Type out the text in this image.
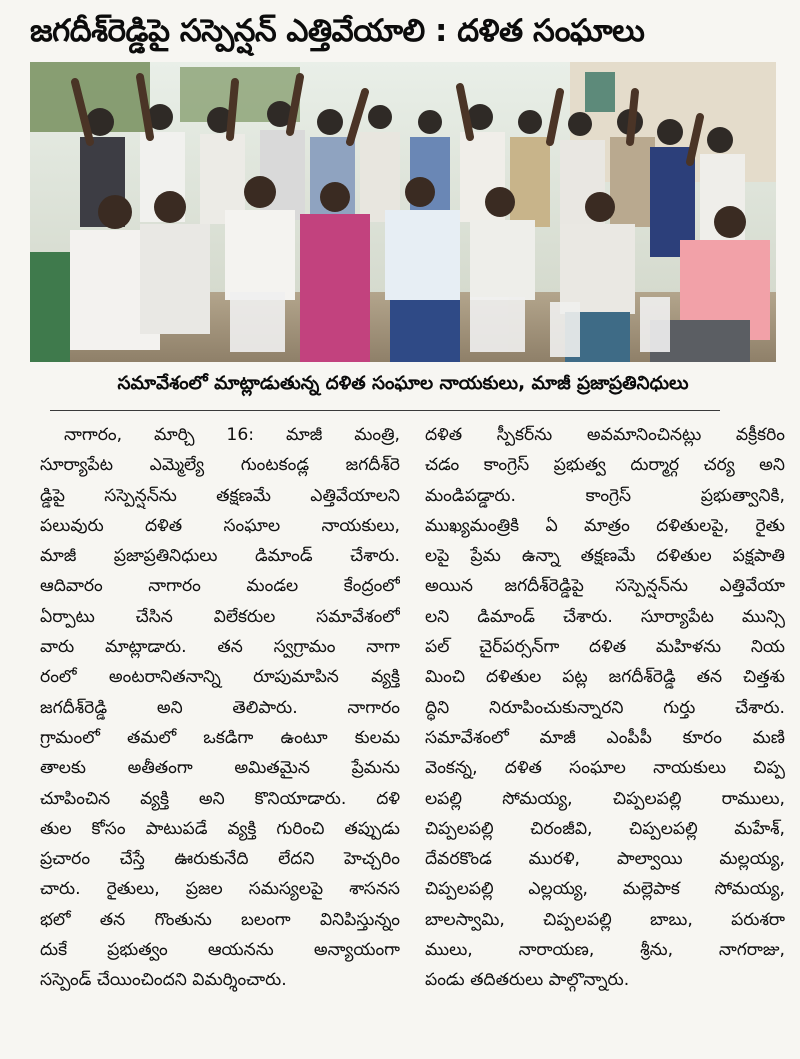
జగదీశ్‌రెడ్డిపై సస్పెన్షన్ ఎత్తివేయాలి : దళిత సంఘాలు
సమావేశంలో మాట్లాడుతున్న దళిత సంఘాల నాయకులు, మాజీ ప్రజాప్రతినిధులు
నాగారం, మార్చి 16: మాజీ మంత్రి,
సూర్యాపేట ఎమ్మెల్యే గుంటకండ్ల జగదీశ్‌రె
డ్డిపై సస్పెన్షన్‌ను తక్షణమే ఎత్తివేయాలని
పలువురు దళిత సంఘాల నాయకులు,
మాజీ ప్రజాప్రతినిధులు డిమాండ్ చేశారు.
ఆదివారం నాగారం మండల కేంద్రంలో
ఏర్పాటు చేసిన విలేకరుల సమావేశంలో
వారు మాట్లాడారు. తన స్వగ్రామం నాగా
రంలో అంటరానితనాన్ని రూపుమాపిన వ్యక్తి
జగదీశ్‌రెడ్డి అని తెలిపారు. నాగారం
గ్రామంలో తమలో ఒకడిగా ఉంటూ కులమ
తాలకు అతీతంగా అమితమైన ప్రేమను
చూపించిన వ్యక్తి అని కొనియాడారు. దళి
తుల కోసం పాటుపడే వ్యక్తి గురించి తప్పుడు
ప్రచారం చేస్తే ఊరుకునేది లేదని హెచ్చరిం
చారు. రైతులు, ప్రజల సమస్యలపై శాసనస
భలో తన గొంతును బలంగా వినిపిస్తున్నం
దుకే ప్రభుత్వం ఆయనను అన్యాయంగా
సస్పెండ్ చేయించిందని విమర్శించారు.
దళిత స్పీకర్‌ను అవమానించినట్లు వక్రీకరిం
చడం కాంగ్రెస్ ప్రభుత్వ దుర్మార్గ చర్య అని
మండిపడ్డారు. కాంగ్రెస్ ప్రభుత్వానికి,
ముఖ్యమంత్రికి ఏ మాత్రం దళితులపై, రైతు
లపై ప్రేమ ఉన్నా తక్షణమే దళితుల పక్షపాతి
అయిన జగదీశ్‌రెడ్డిపై సస్పెన్షన్‌ను ఎత్తివేయా
లని డిమాండ్ చేశారు. సూర్యాపేట మున్సి
పల్ చైర్‌పర్సన్‌గా దళిత మహిళను నియ
మించి దళితుల పట్ల జగదీశ్‌రెడ్డి తన చిత్తశు
ద్ధిని నిరూపించుకున్నారని గుర్తు చేశారు.
సమావేశంలో మాజీ ఎంపీపీ కూరం మణి
వెంకన్న, దళిత సంఘాల నాయకులు చిప్ప
లపల్లి సోమయ్య, చిప్పలపల్లి రాములు,
చిప్పలపల్లి చిరంజీవి, చిప్పలపల్లి మహేశ్,
దేవరకొండ మురళి, పాల్వాయి మల్లయ్య,
చిప్పలపల్లి ఎల్లయ్య, మల్లెపాక సోమయ్య,
బాలస్వామి, చిప్పలపల్లి బాబు, పరుశరా
ములు, నారాయణ, శ్రీను, నాగరాజు,
పండు తదితరులు పాల్గొన్నారు.
